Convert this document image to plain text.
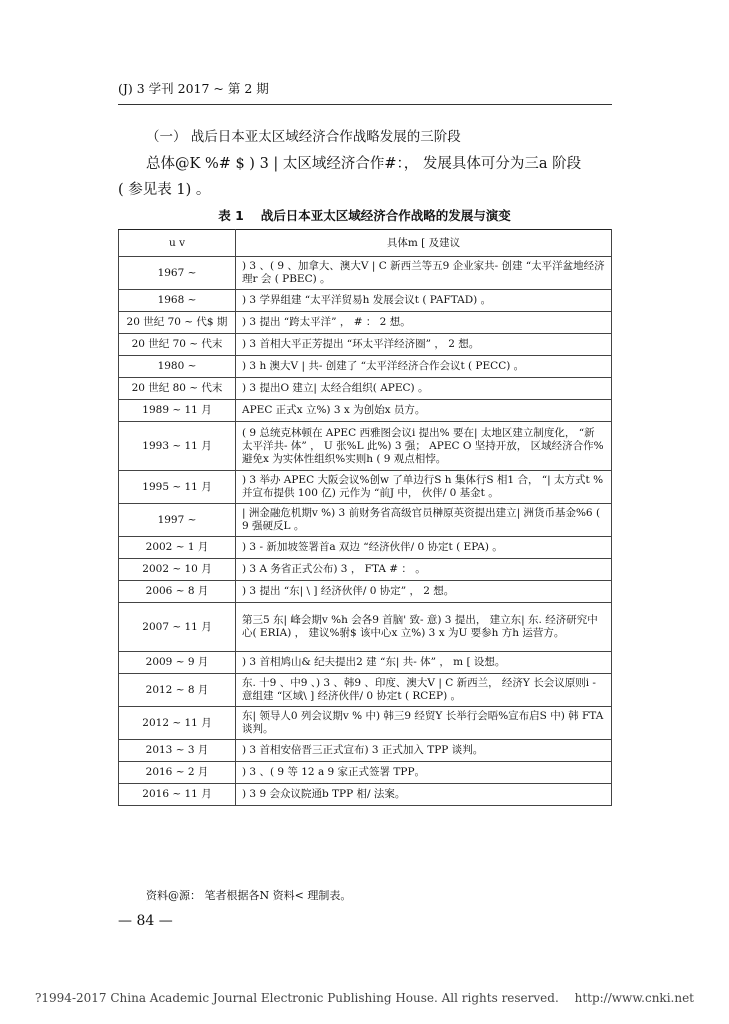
(J) 3 学刊 2017 ~ 第 2 期
（一） 战后日本亚太区域经济合作战略发展的三阶段
总体@K %# $ ) 3 | 太区域经济合作#：， 发展具体可分为三a 阶段
( 参见表 1) 。
表 1　 战后日本亚太区域经济合作战略的发展与演变
u v	具体m [ 及建议
1967 ~	) 3 、( 9 、加拿大、澳大V | C 新西兰等五9 企业家共- 创建 “太平洋盆地经济理r 会 ( PBEC) 。
1968 ~	) 3 学界组建 “太平洋贸易h 发展会议t ( PAFTAD) 。
20 世纪 70 ~ 代$ 期	) 3 提出 “跨太平洋” ， # ： 2 想。
20 世纪 70 ~ 代末	) 3 首相大平正芳提出 “环太平洋经济圈” ， 2 想。
1980 ~	) 3 h 澳大V | 共- 创建了 “太平洋经济合作会议t ( PECC) 。
20 世纪 80 ~ 代末	) 3 提出O 建立| 太经合组织( APEC) 。
1989 ~ 11 月	APEC 正式x 立%) 3 x 为创始x 员方。
1993 ~ 11 月	( 9 总统克林顿在 APEC 西雅图会议i 提出% 要在| 太地区建立制度化， “新太平洋共- 体” ， U 张%L 此%) 3 强； APEC O 坚持开放， 区域经济合作%避免x 为实体性组织%实则h ( 9 观点相悖。
1995 ~ 11 月	) 3 举办 APEC 大阪会议%创w 了单边行S h 集体行S 相1 合， “| 太方式t % 并宣布提供 100 亿) 元作为 “前J 中， 伙伴/ 0 基金t 。
1997 ~	| 洲金融危机期v %) 3 前财务省高级官员榊原英资提出建立| 洲货币基金%6 ( 9 强硬反L 。
2002 ~ 1 月	) 3 - 新加坡签署首a 双边 “经济伙伴/ 0 协定t ( EPA) 。
2002 ~ 10 月	) 3 A 务省正式公布) 3 ， FTA # ： 。
2006 ~ 8 月	) 3 提出 “东| \ ] 经济伙伴/ 0 协定” ， 2 想。
2007 ~ 11 月	第三5 东| 峰会期v %h 会各9 首脑' 致- 意) 3 提出， 建立东| 东. 经济研究中心( ERIA) ， 建议%驸$ 该中心x 立%) 3 x 为U 要参h 方h 运营方。
2009 ~ 9 月	) 3 首相鸠山& 纪夫提出2 建 “东| 共- 体” ， m [ 设想。
2012 ~ 8 月	东. 十9 、中9 、) 3 、韩9 、印度、澳大V | C 新西兰， 经济Y 长会议原则i - 意组建 “区域\ ] 经济伙伴/ 0 协定t ( RCEP) 。
2012 ~ 11 月	东| 领导人0 列会议期v % 中) 韩三9 经贸Y 长举行会晤%宣布启S 中) 韩 FTA 谈判。
2013 ~ 3 月	) 3 首相安倍晋三正式宣布) 3 正式加入 TPP 谈判。
2016 ~ 2 月	) 3 、( 9 等 12 a 9 家正式签署 TPP。
2016 ~ 11 月	) 3 9 会众议院通b TPP 相/ 法案。
资料@源： 笔者根据各N 资料< 理制表。
— 84 —
?1994-2017 China Academic Journal Electronic Publishing House. All rights reserved.　 http://www.cnki.net
